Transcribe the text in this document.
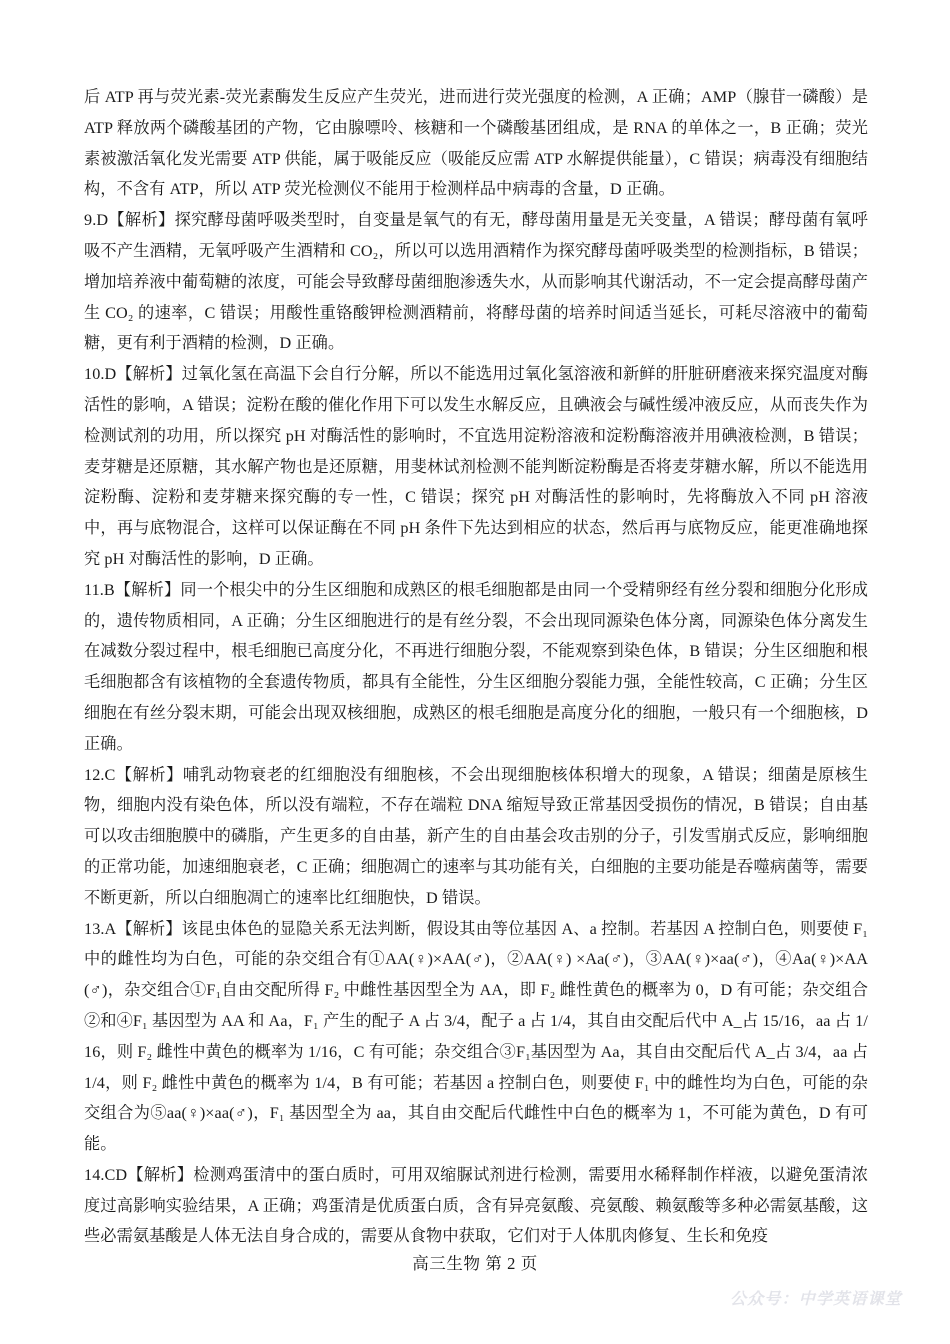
后 ATP 再与荧光素-荧光素酶发生反应产生荧光，进而进行荧光强度的检测，A 正确；AMP（腺苷一磷酸）是 ATP 释放两个磷酸基团的产物，它由腺嘌呤、核糖和一个磷酸基团组成，是 RNA 的单体之一，B 正确；荧光素被激活氧化发光需要 ATP 供能，属于吸能反应（吸能反应需 ATP 水解提供能量），C 错误；病毒没有细胞结构，不含有 ATP，所以 ATP 荧光检测仪不能用于检测样品中病毒的含量，D 正确。

9.D【解析】探究酵母菌呼吸类型时，自变量是氧气的有无，酵母菌用量是无关变量，A 错误；酵母菌有氧呼吸不产生酒精，无氧呼吸产生酒精和 CO₂，所以可以选用酒精作为探究酵母菌呼吸类型的检测指标，B 错误；增加培养液中葡萄糖的浓度，可能会导致酵母菌细胞渗透失水，从而影响其代谢活动，不一定会提高酵母菌产生 CO₂ 的速率，C 错误；用酸性重铬酸钾检测酒精前，将酵母菌的培养时间适当延长，可耗尽溶液中的葡萄糖，更有利于酒精的检测，D 正确。

10.D【解析】过氧化氢在高温下会自行分解，所以不能选用过氧化氢溶液和新鲜的肝脏研磨液来探究温度对酶活性的影响，A 错误；淀粉在酸的催化作用下可以发生水解反应，且碘液会与碱性缓冲液反应，从而丧失作为检测试剂的功用，所以探究 pH 对酶活性的影响时，不宜选用淀粉溶液和淀粉酶溶液并用碘液检测，B 错误；麦芽糖是还原糖，其水解产物也是还原糖，用斐林试剂检测不能判断淀粉酶是否将麦芽糖水解，所以不能选用淀粉酶、淀粉和麦芽糖来探究酶的专一性，C 错误；探究 pH 对酶活性的影响时，先将酶放入不同 pH 溶液中，再与底物混合，这样可以保证酶在不同 pH 条件下先达到相应的状态，然后再与底物反应，能更准确地探究 pH 对酶活性的影响，D 正确。

11.B【解析】同一个根尖中的分生区细胞和成熟区的根毛细胞都是由同一个受精卵经有丝分裂和细胞分化形成的，遗传物质相同，A 正确；分生区细胞进行的是有丝分裂，不会出现同源染色体分离，同源染色体分离发生在减数分裂过程中，根毛细胞已高度分化，不再进行细胞分裂，不能观察到染色体，B 错误；分生区细胞和根毛细胞都含有该植物的全套遗传物质，都具有全能性，分生区细胞分裂能力强，全能性较高，C 正确；分生区细胞在有丝分裂末期，可能会出现双核细胞，成熟区的根毛细胞是高度分化的细胞，一般只有一个细胞核，D 正确。

12.C【解析】哺乳动物衰老的红细胞没有细胞核，不会出现细胞核体积增大的现象，A 错误；细菌是原核生物，细胞内没有染色体，所以没有端粒，不存在端粒 DNA 缩短导致正常基因受损伤的情况，B 错误；自由基可以攻击细胞膜中的磷脂，产生更多的自由基，新产生的自由基会攻击别的分子，引发雪崩式反应，影响细胞的正常功能，加速细胞衰老，C 正确；细胞凋亡的速率与其功能有关，白细胞的主要功能是吞噬病菌等，需要不断更新，所以白细胞凋亡的速率比红细胞快，D 错误。

13.A【解析】该昆虫体色的显隐关系无法判断，假设其由等位基因 A、a 控制。若基因 A 控制白色，则要使 F₁ 中的雌性均为白色，可能的杂交组合有①AA(♀)×AA(♂)，②AA(♀) ×Aa(♂)，③AA(♀)×aa(♂)，④Aa(♀)×AA(♂)，杂交组合①F₁自由交配所得 F₂ 中雌性基因型全为 AA，即 F₂ 雌性黄色的概率为 0，D 有可能；杂交组合②和④F₁ 基因型为 AA 和 Aa，F₁ 产生的配子 A 占 3/4，配子 a 占 1/4，其自由交配后代中 A_占 15/16，aa 占 1/16，则 F₂ 雌性中黄色的概率为 1/16，C 有可能；杂交组合③F₁基因型为 Aa，其自由交配后代 A_占 3/4，aa 占 1/4，则 F₂ 雌性中黄色的概率为 1/4，B 有可能；若基因 a 控制白色，则要使 F₁ 中的雌性均为白色，可能的杂交组合为⑤aa(♀)×aa(♂)，F₁ 基因型全为 aa，其自由交配后代雌性中白色的概率为 1，不可能为黄色，D 有可能。

14.CD【解析】检测鸡蛋清中的蛋白质时，可用双缩脲试剂进行检测，需要用水稀释制作样液，以避免蛋清浓度过高影响实验结果，A 正确；鸡蛋清是优质蛋白质，含有异亮氨酸、亮氨酸、赖氨酸等多种必需氨基酸，这些必需氨基酸是人体无法自身合成的，需要从食物中获取，它们对于人体肌肉修复、生长和免疫

高三生物 第 2 页
公众号：中学英语课堂
